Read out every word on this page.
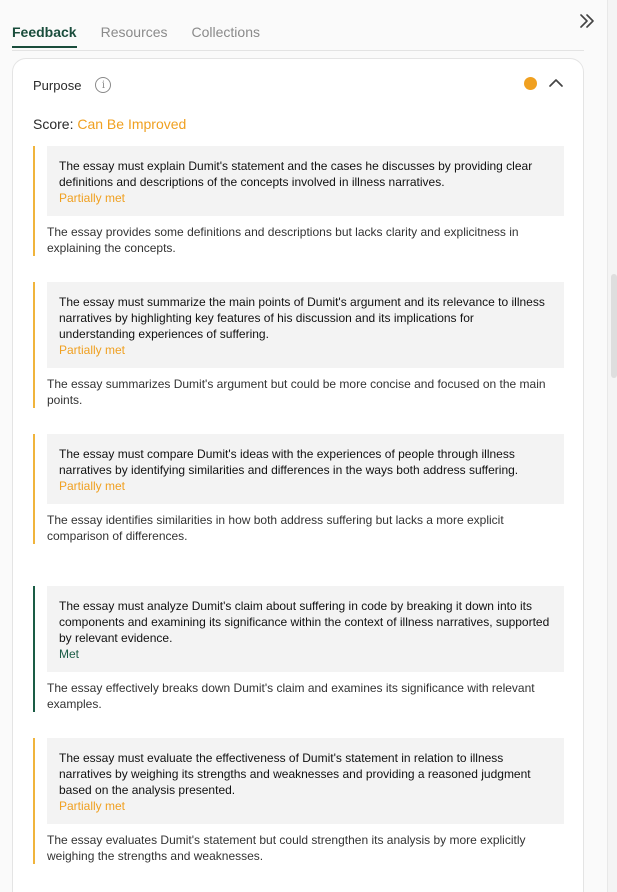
Feedback Resources Collections
Purpose	i
Score: Can Be Improved
The essay must explain Dumit's statement and the cases he discusses by providing clear definitions and descriptions of the concepts involved in illness narratives.
Partially met
The essay provides some definitions and descriptions but lacks clarity and explicitness in explaining the concepts.
The essay must summarize the main points of Dumit's argument and its relevance to illness narratives by highlighting key features of his discussion and its implications for understanding experiences of suffering.
Partially met
The essay summarizes Dumit's argument but could be more concise and focused on the main points.
The essay must compare Dumit's ideas with the experiences of people through illness narratives by identifying similarities and differences in the ways both address suffering.
Partially met
The essay identifies similarities in how both address suffering but lacks a more explicit comparison of differences.
The essay must analyze Dumit's claim about suffering in code by breaking it down into its components and examining its significance within the context of illness narratives, supported by relevant evidence.
Met
The essay effectively breaks down Dumit's claim and examines its significance with relevant examples.
The essay must evaluate the effectiveness of Dumit's statement in relation to illness narratives by weighing its strengths and weaknesses and providing a reasoned judgment based on the analysis presented.
Partially met
The essay evaluates Dumit's statement but could strengthen its analysis by more explicitly weighing the strengths and weaknesses.
